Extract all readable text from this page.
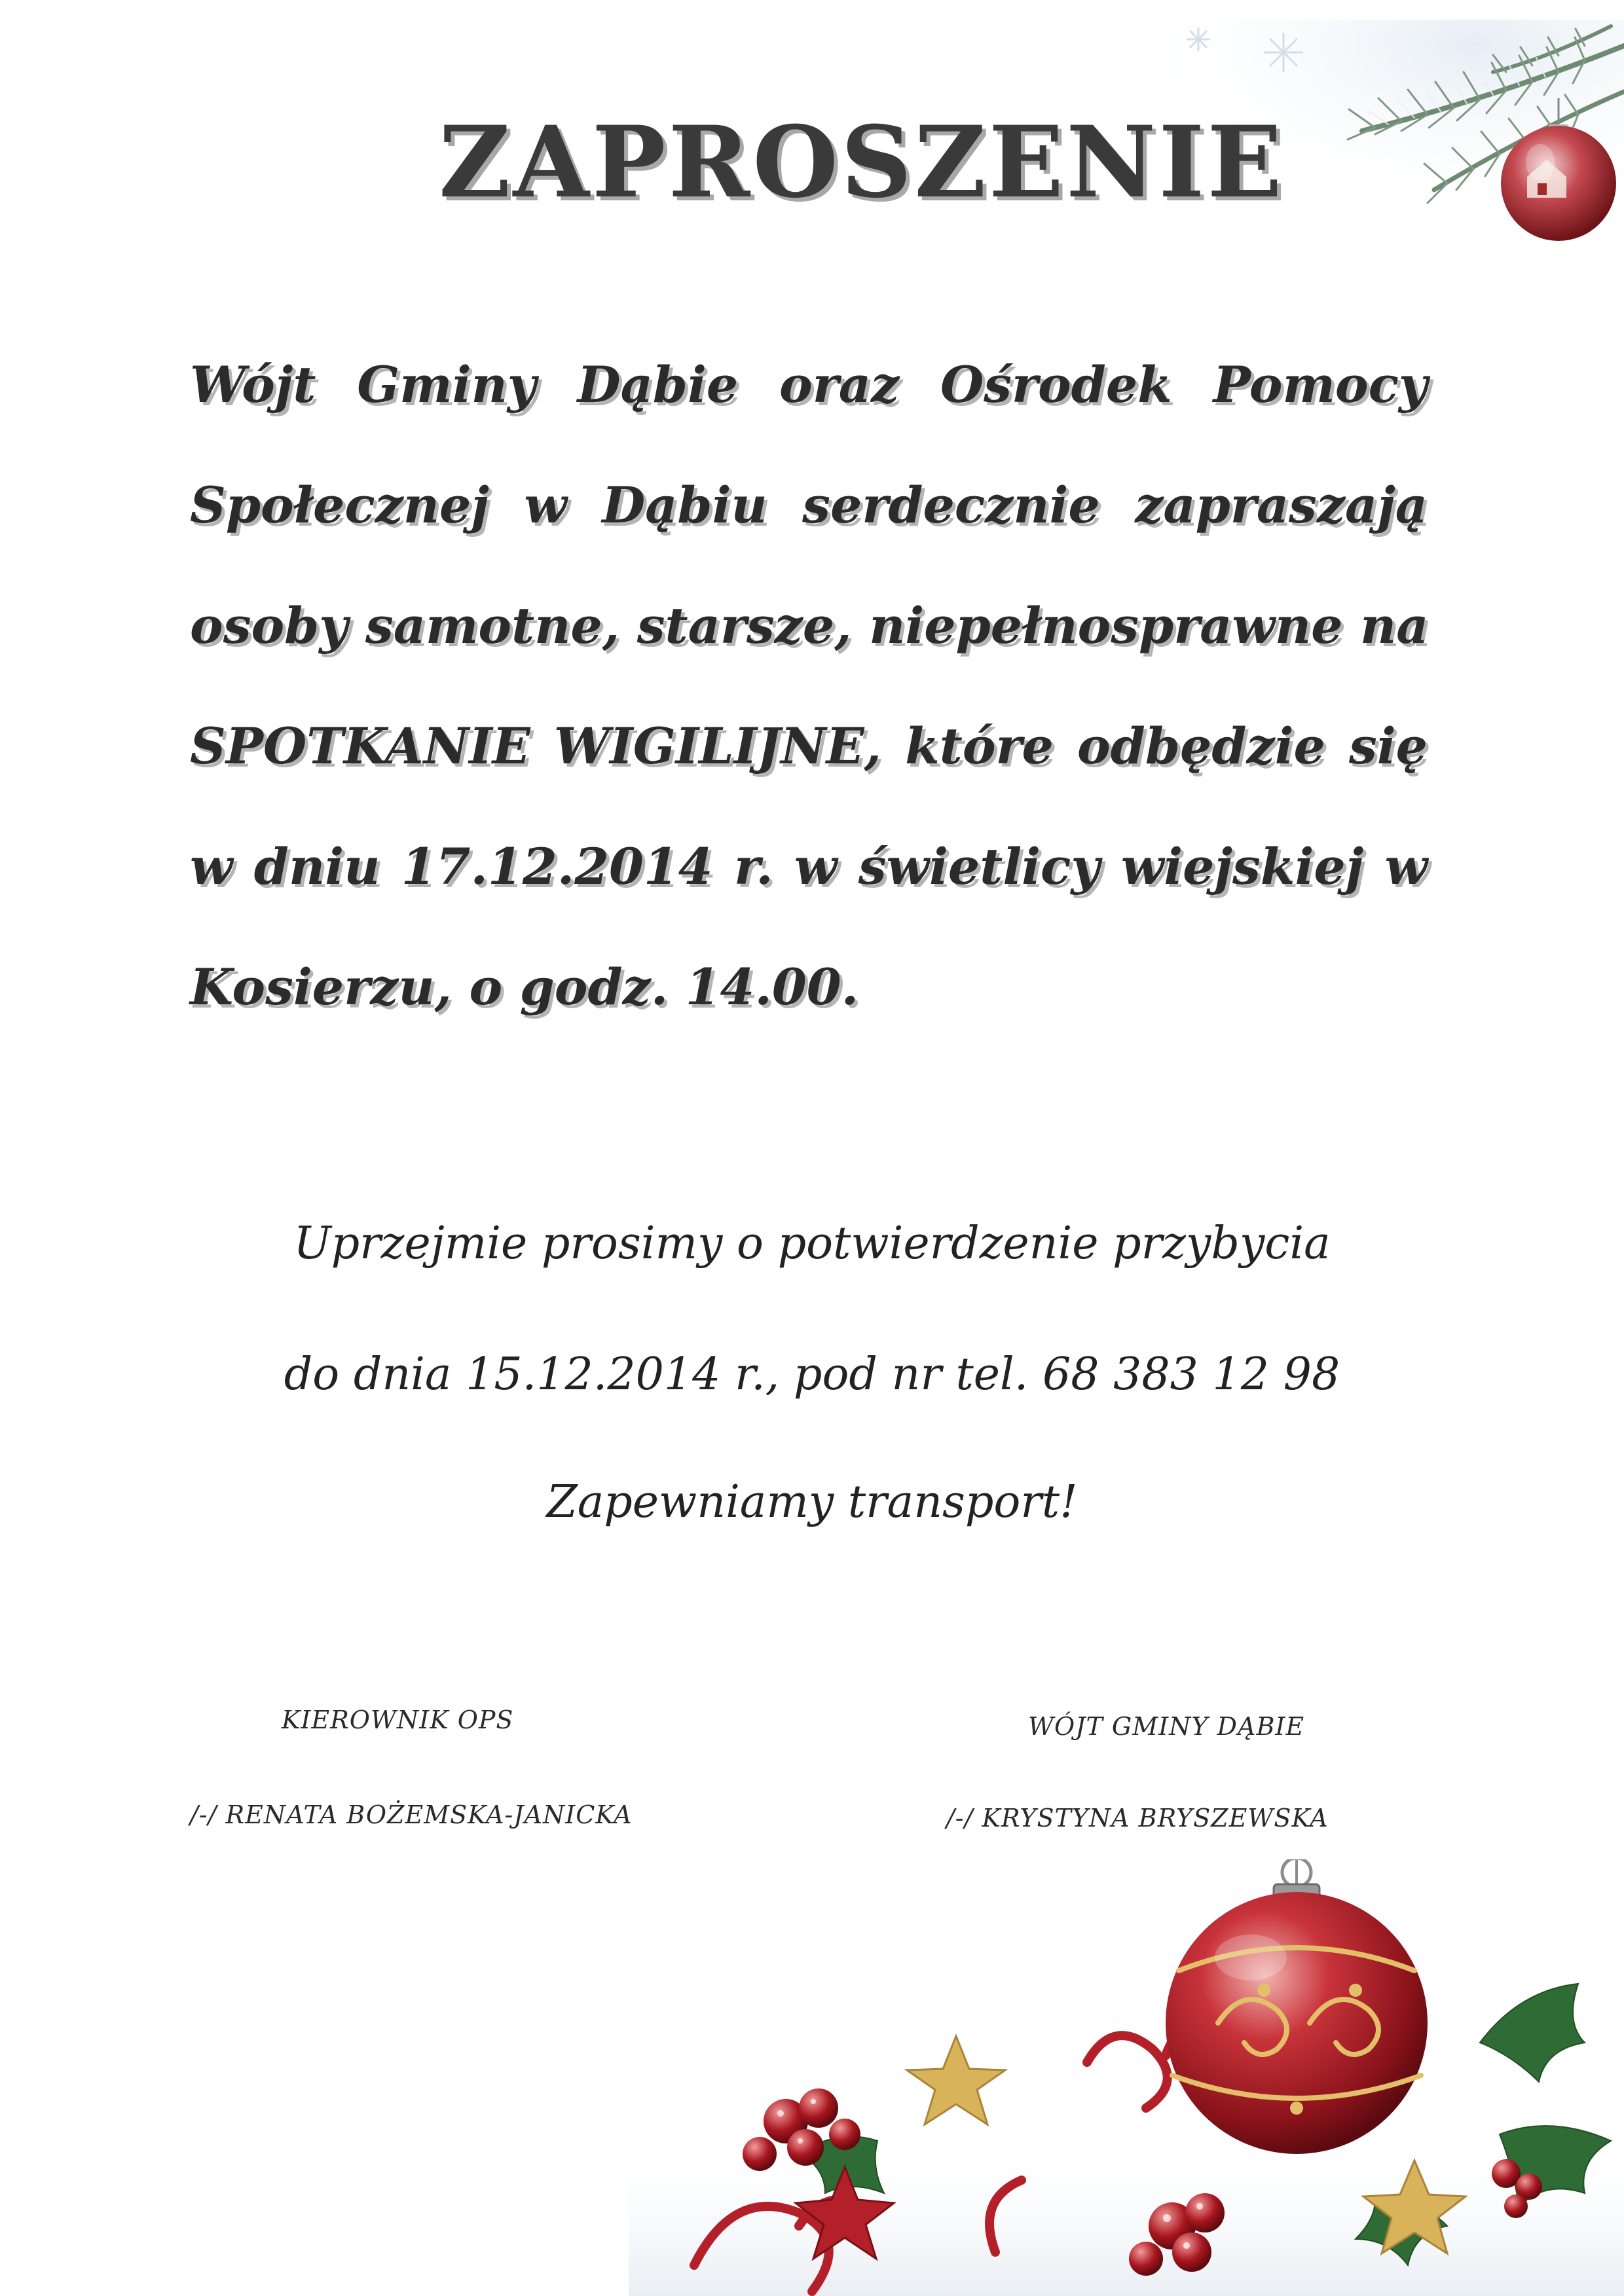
ZAPROSZENIE
Wójt Gminy Dąbie oraz Ośrodek Pomocy
Społecznej w Dąbiu serdecznie zapraszają
osoby samotne, starsze, niepełnosprawne na
SPOTKANIE WIGILIJNE, które odbędzie się
w dniu 17.12.2014 r. w świetlicy wiejskiej w
Kosierzu, o godz. 14.00.
Uprzejmie prosimy o potwierdzenie przybycia
do dnia 15.12.2014 r., pod nr tel. 68 383 12 98
Zapewniamy transport!
KIEROWNIK OPS
/-/ RENATA BOŻEMSKA-JANICKA
WÓJT GMINY DĄBIE
/-/ KRYSTYNA BRYSZEWSKA
